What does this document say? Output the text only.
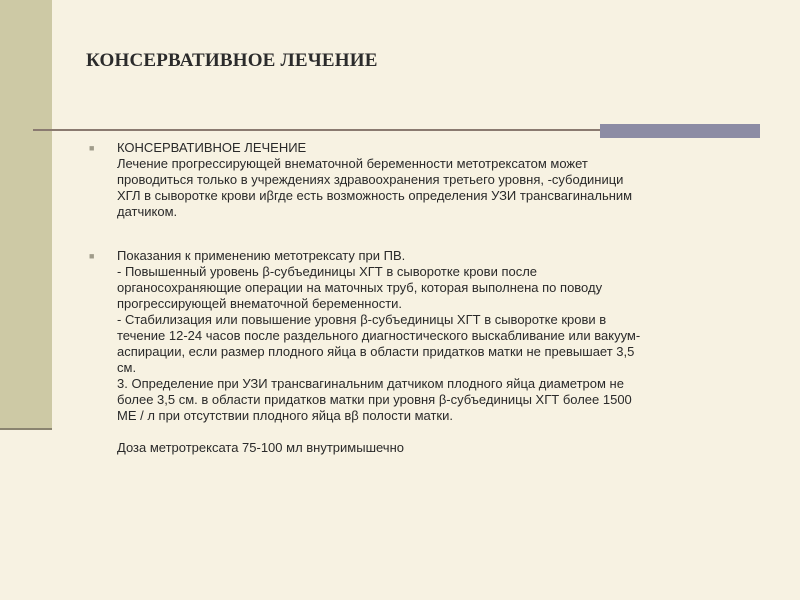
КОНСЕРВАТИВНОЕ ЛЕЧЕНИЕ
■	КОНСЕРВАТИВНОЕ ЛЕЧЕНИЕ
Лечение прогрессирующей внематочной беременности метотрексатом может
проводиться только в учреждениях здравоохранения третьего уровня, -субодиници
ХГЛ в сыворотке крови иβгде есть возможность определения УЗИ трансвагинальним
датчиком.
■	Показания к применению метотрексату при ПВ.
- Повышенный уровень β-субъединицы ХГТ в сыворотке крови после
органосохраняющие операции на маточных труб, которая выполнена по поводу
прогрессирующей внематочной беременности.
- Стабилизация или повышение уровня β-субъединицы ХГТ в сыворотке крови в
течение 12-24 часов после раздельного диагностического выскабливание или вакуум-
аспирации, если размер плодного яйца в области придатков матки не превышает 3,5
см.
3. Определение при УЗИ трансвагинальним датчиком плодного яйца диаметром не
более 3,5 см. в области придатков матки при уровня β-субъединицы ХГТ более 1500
МЕ / л при отсутствии плодного яйца вβ полости матки.
Доза метротрексата 75-100 мл внутримышечно
